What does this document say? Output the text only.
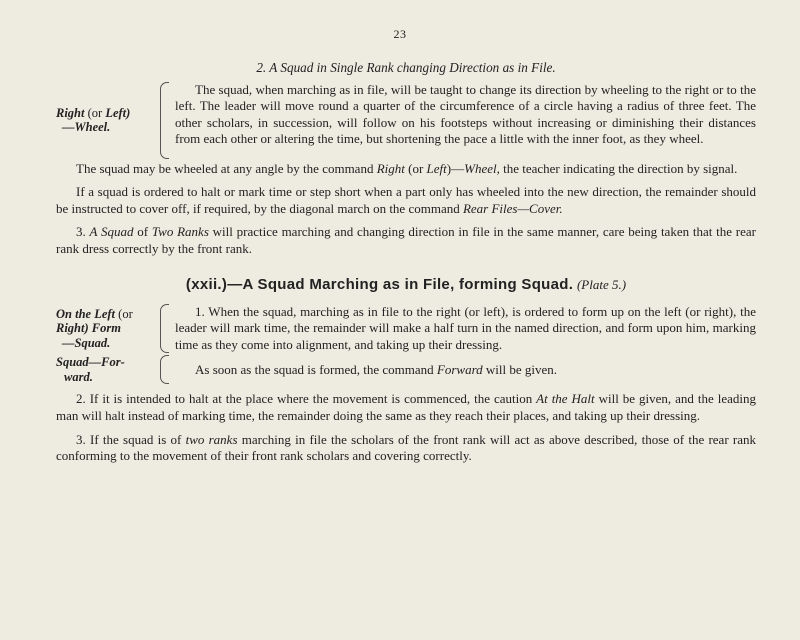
23

2. A Squad in Single Rank changing Direction as in File.

Right (or Left)
—Wheel.

The squad, when marching as in file, will be taught to change its direction by wheeling to the right or to the left. The leader will move round a quarter of the circumference of a circle having a radius of three feet. The other scholars, in succession, will follow on his footsteps without increasing or diminishing their distances from each other or altering the time, but shortening the pace a little with the inner foot, as they wheel.

The squad may be wheeled at any angle by the command Right (or Left)—Wheel, the teacher indicating the direction by signal.

If a squad is ordered to halt or mark time or step short when a part only has wheeled into the new direction, the remainder should be instructed to cover off, if required, by the diagonal march on the command Rear Files—Cover.

3. A Squad of Two Ranks will practice marching and changing direction in file in the same manner, care being taken that the rear rank dress correctly by the front rank.

(xxii.)—A Squad Marching as in File, forming Squad. (Plate 5.)
On the Left (or Right) Form
—Squad.

1. When the squad, marching as in file to the right (or left), is ordered to form up on the left (or right), the leader will mark time, the remainder will make a half turn in the named direction, and form upon him, marking time as they come into alignment, and taking up their dressing.

Squad—For-
ward.

As soon as the squad is formed, the command Forward will be given.

2. If it is intended to halt at the place where the movement is commenced, the caution At the Halt will be given, and the leading man will halt instead of marking time, the remainder doing the same as they reach their places, and taking up their dressing.

3. If the squad is of two ranks marching in file the scholars of the front rank will act as above described, those of the rear rank conforming to the movement of their front rank scholars and covering correctly.
